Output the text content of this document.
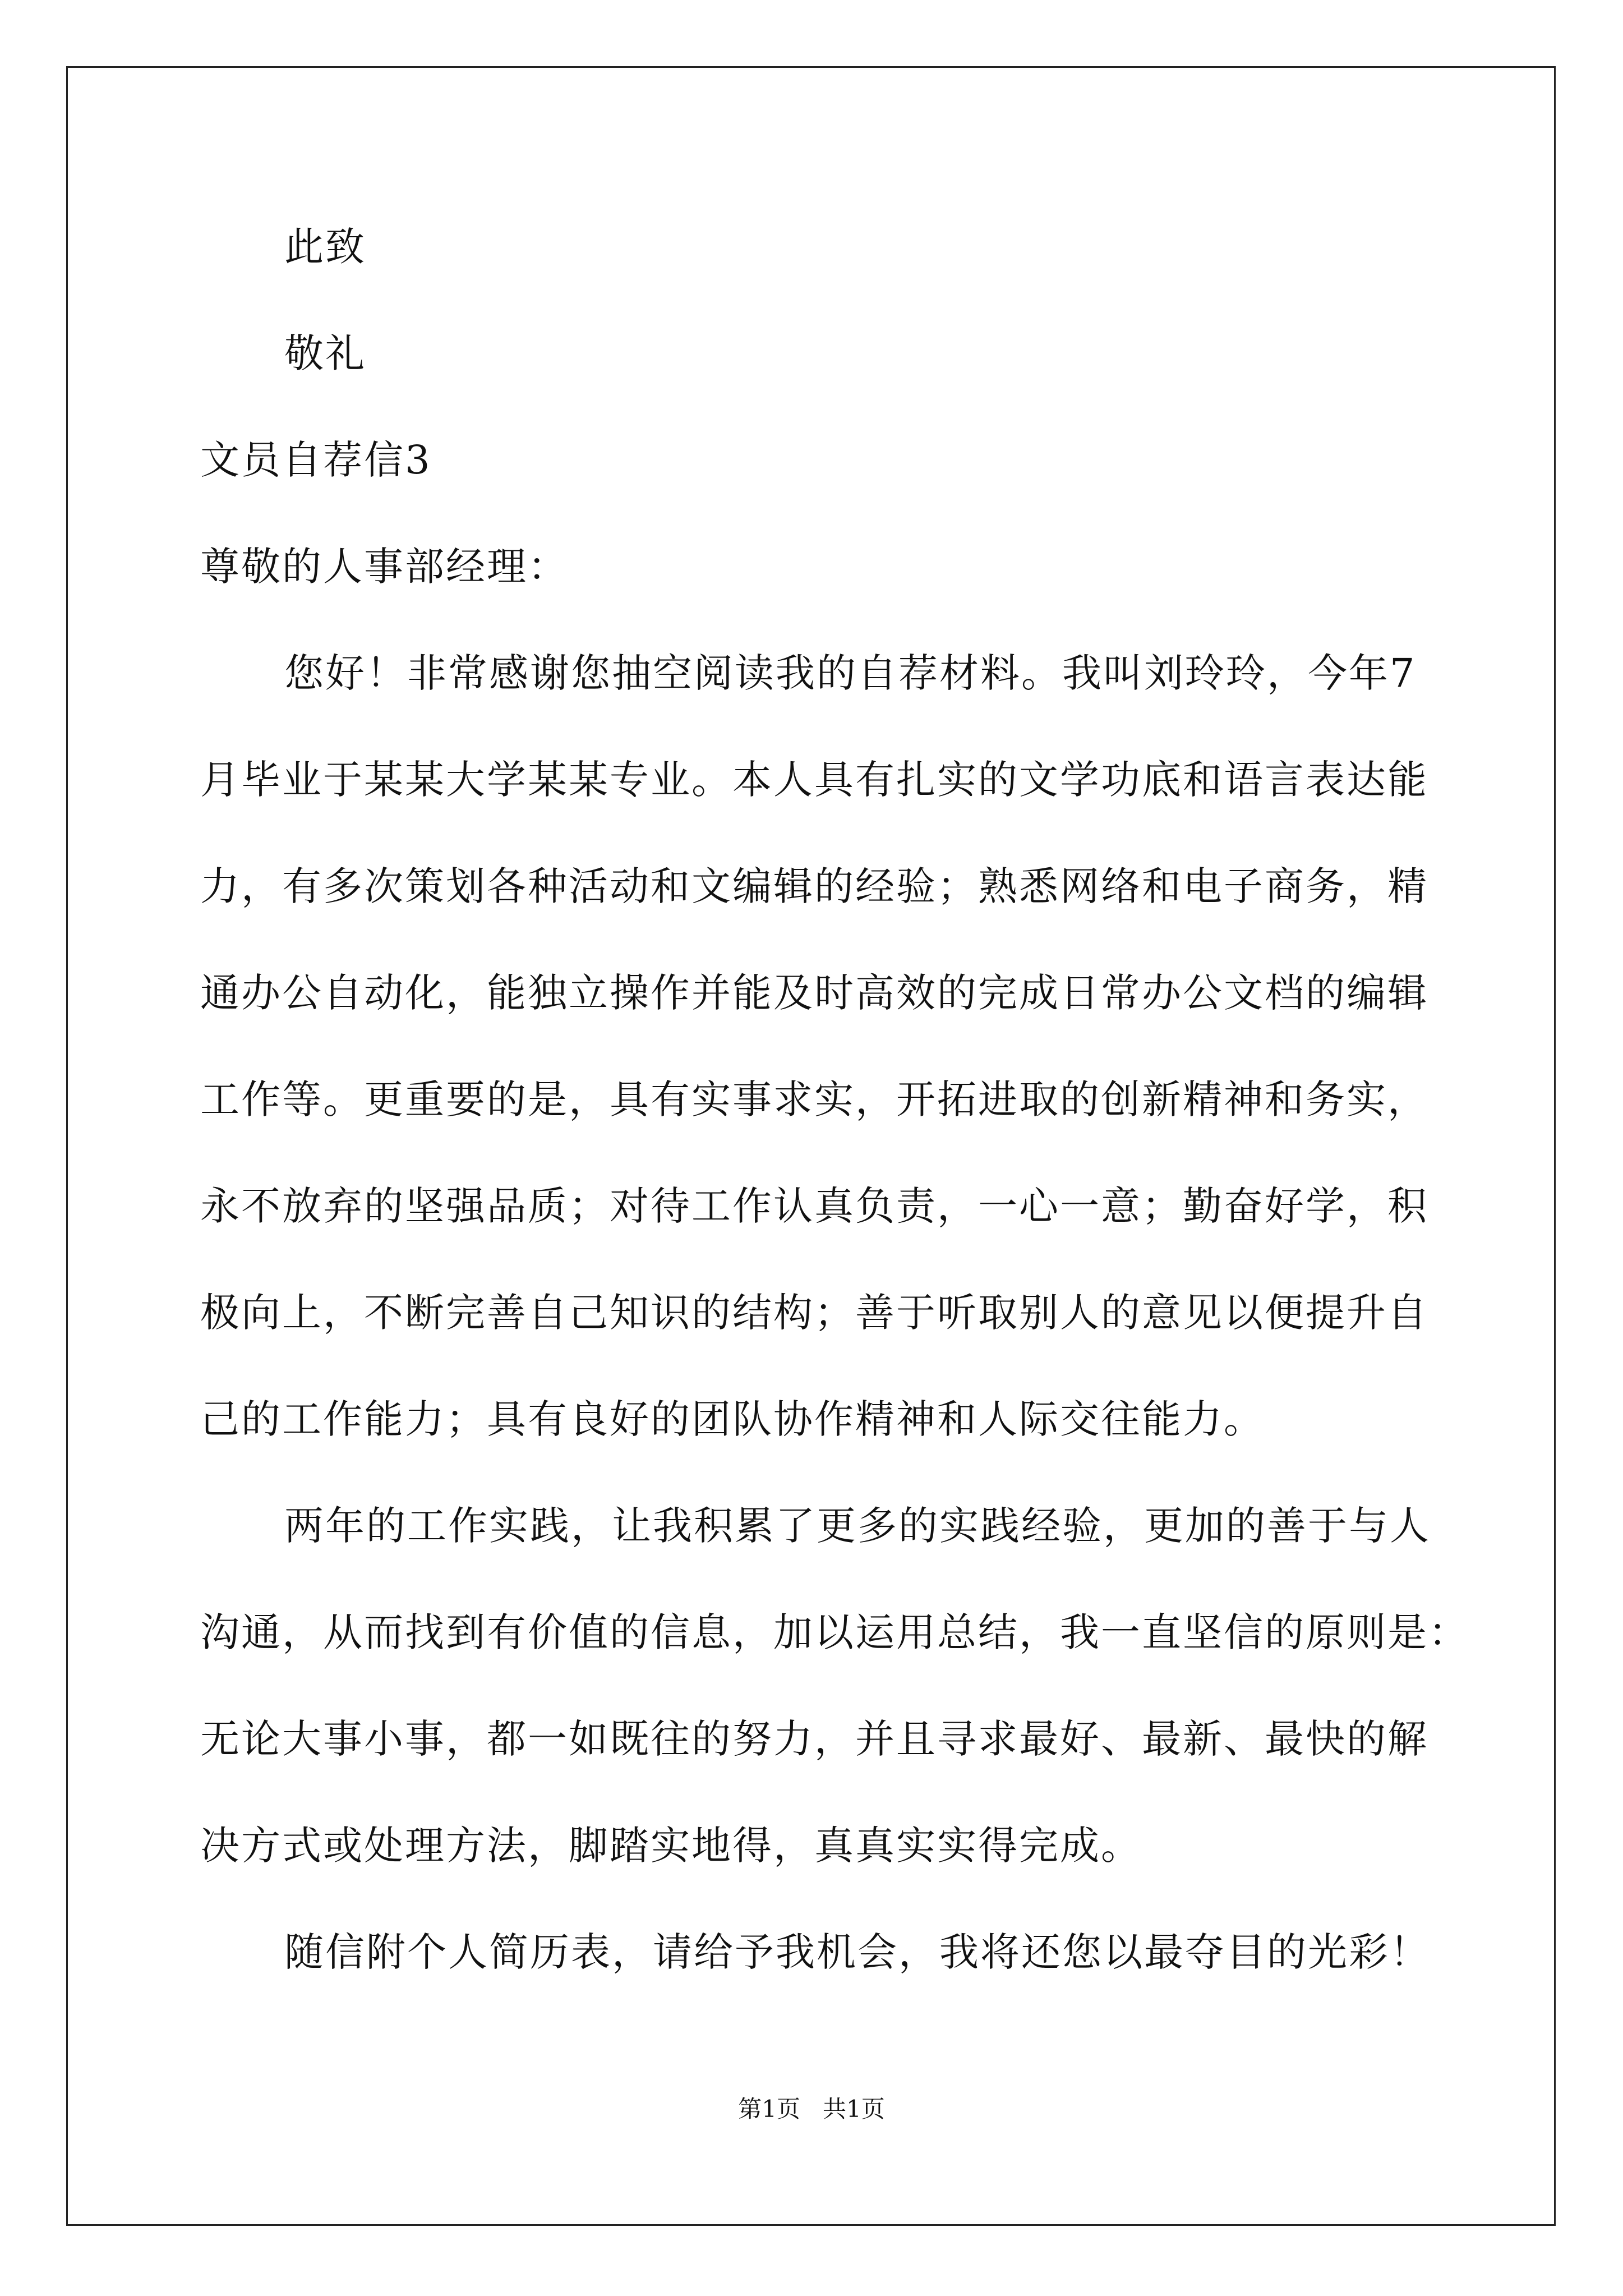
此致
敬礼
文员自荐信3
尊敬的人事部经理：
您好！非常感谢您抽空阅读我的自荐材料。我叫刘玲玲，今年7
月毕业于某某大学某某专业。本人具有扎实的文学功底和语言表达能
力，有多次策划各种活动和文编辑的经验；熟悉网络和电子商务，精
通办公自动化，能独立操作并能及时高效的完成日常办公文档的编辑
工作等。更重要的是，具有实事求实，开拓进取的创新精神和务实，
永不放弃的坚强品质；对待工作认真负责，一心一意；勤奋好学，积
极向上，不断完善自己知识的结构；善于听取别人的意见以便提升自
己的工作能力；具有良好的团队协作精神和人际交往能力。
两年的工作实践，让我积累了更多的实践经验，更加的善于与人
沟通，从而找到有价值的信息，加以运用总结，我一直坚信的原则是：
无论大事小事，都一如既往的努力，并且寻求最好、最新、最快的解
决方式或处理方法，脚踏实地得，真真实实得完成。
随信附个人简历表，请给予我机会，我将还您以最夺目的光彩！
第1页   共1页
